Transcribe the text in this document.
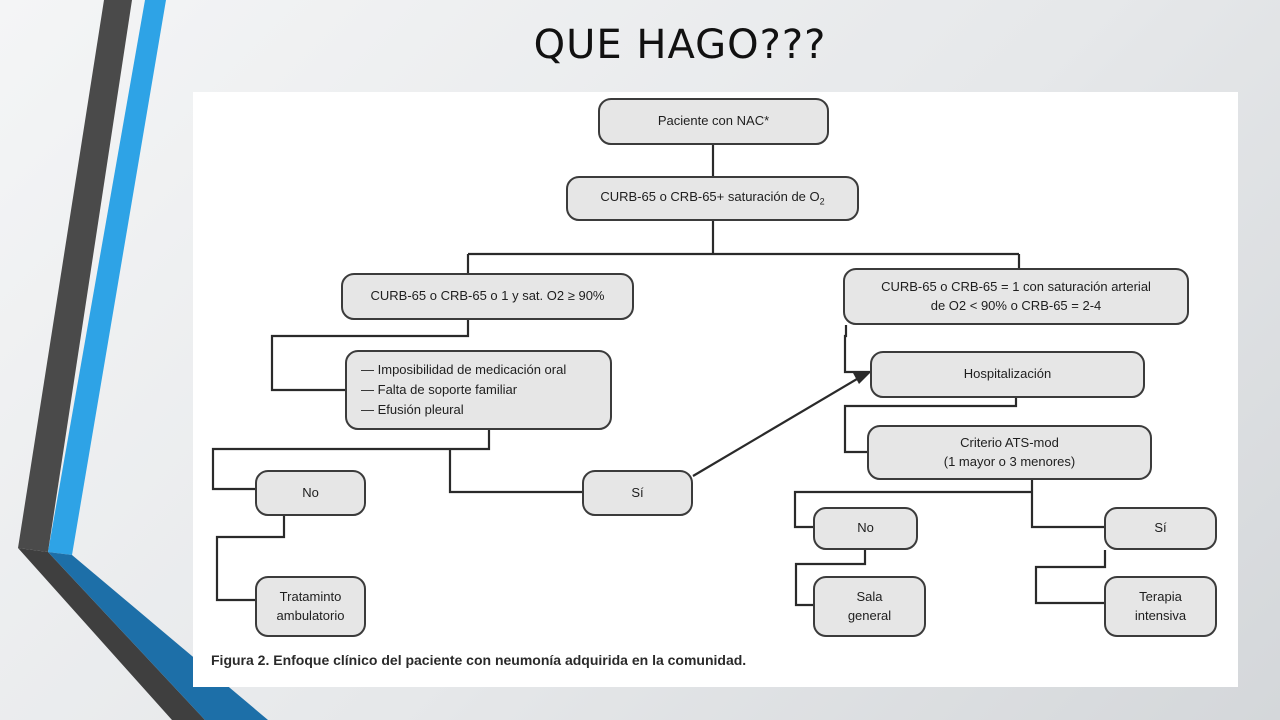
QUE HAGO???
Paciente con NAC*
CURB-65 o CRB-65+ saturación de $O_2$
CURB-65 o CRB-65 o 1 y sat. O2 ≥ 90%
CURB-65 o CRB-65 = 1 con saturación arterial
de O2 < 90% o CRB-65 = 2-4
— Imposibilidad de medicación oral
— Falta de soporte familiar
— Efusión pleural
Hospitalización
Criterio ATS-mod
(1 mayor o 3 menores)
No	Sí
No	Sí
Trataminto
ambulatorio
Sala
general
Terapia
intensiva
Figura 2. Enfoque clínico del paciente con neumonía adquirida en la comunidad.
